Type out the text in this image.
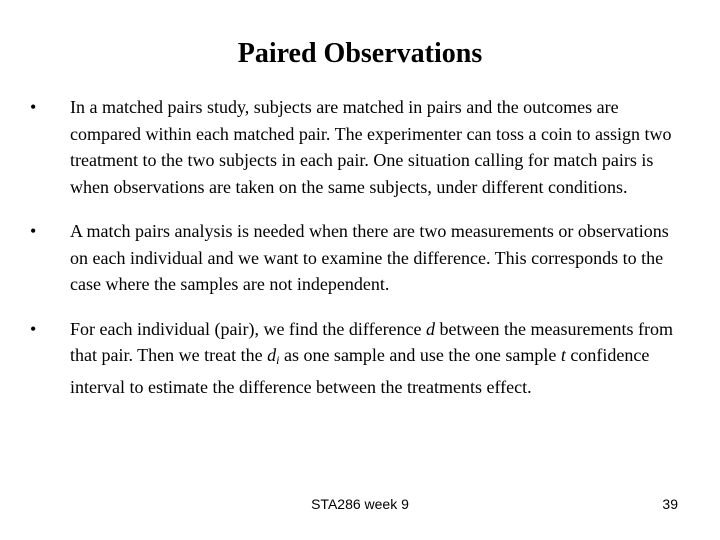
Paired Observations
•	In a matched pairs study, subjects are matched in pairs and the outcomes are compared within each matched pair. The experimenter can toss a coin to assign two treatment to the two subjects in each pair. One situation calling for match pairs is when observations are taken on the same subjects, under different conditions.
•	A match pairs analysis is needed when there are two measurements or observations on each individual and we want to examine the difference. This corresponds to the case where the samples are not independent.
•	For each individual (pair), we find the difference d between the measurements from that pair. Then we treat the $d_i$ as one sample and use the one sample t confidence interval to estimate the difference between the treatments effect.
STA286 week 9	39
